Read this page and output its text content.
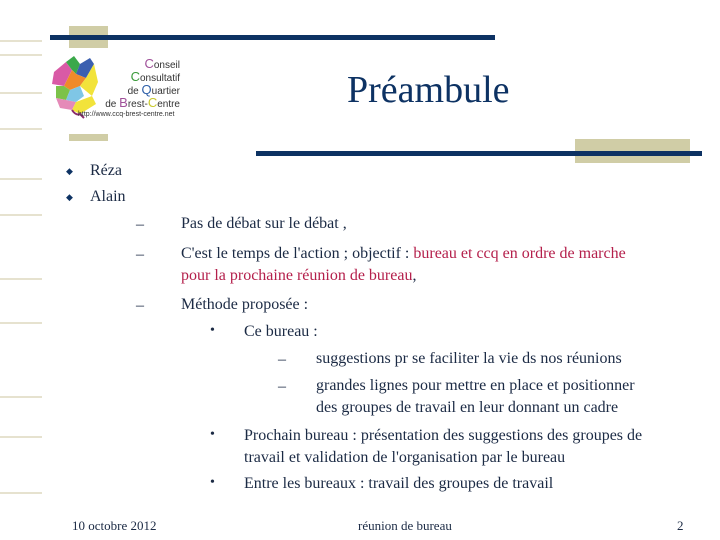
Conseil
Consultatif
de Quartier
de Brest-Centre
http://www.ccq-brest-centre.net
Préambule
◆ Réza
◆ Alain
– Pas de débat sur le débat ,
– C'est le temps de l'action ; objectif : bureau et ccq en ordre de marche
pour la prochaine réunion de bureau,
– Méthode proposée :
• Ce bureau :
– suggestions pr se faciliter la vie ds nos réunions
– grandes lignes pour mettre en place et positionner
des groupes de travail en leur donnant un cadre
• Prochain bureau : présentation des suggestions des groupes de
travail et validation de l'organisation par le bureau
• Entre les bureaux : travail des groupes de travail
10 octobre 2012	réunion de bureau	2
